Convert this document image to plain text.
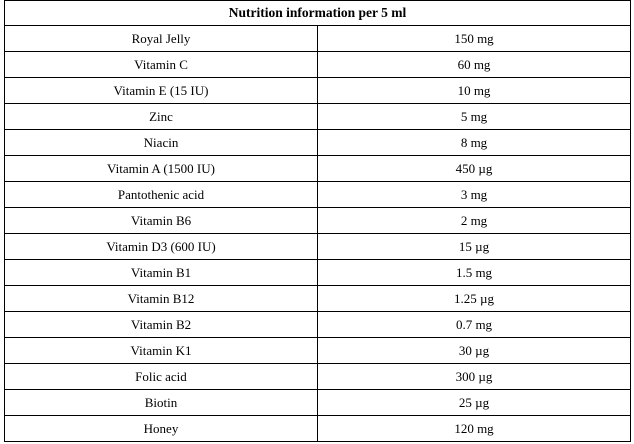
Nutrition information per 5 ml	
Royal Jelly	150 mg
Vitamin C	60 mg
Vitamin E (15 IU)	10 mg
Zinc	5 mg
Niacin	8 mg
Vitamin A (1500 IU)	450 µg
Pantothenic acid	3 mg
Vitamin B6	2 mg
Vitamin D3 (600 IU)	15 µg
Vitamin B1	1.5 mg
Vitamin B12	1.25 µg
Vitamin B2	0.7 mg
Vitamin K1	30 µg
Folic acid	300 µg
Biotin	25 µg
Honey	120 mg
